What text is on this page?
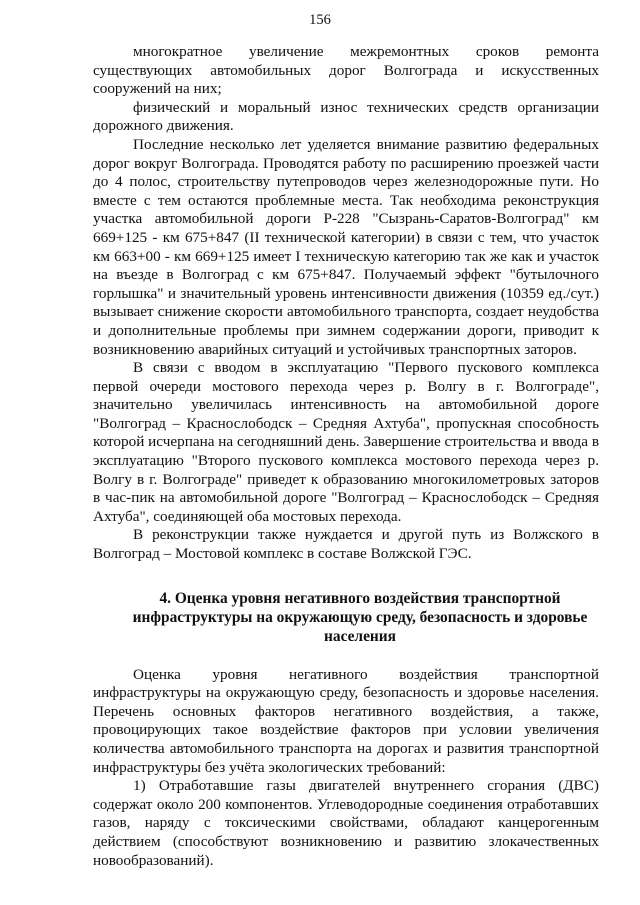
156

многократное увеличение межремонтных сроков ремонта существующих автомобильных дорог Волгограда и искусственных сооружений на них;

физический и моральный износ технических средств организации дорожного движения.

Последние несколько лет уделяется внимание развитию федеральных дорог вокруг Волгограда. Проводятся работу по расширению проезжей части до 4 полос, строительству путепроводов через железнодорожные пути. Но вместе с тем остаются проблемные места. Так необходима реконструкция участка автомобильной дороги Р-228 "Сызрань-Саратов-Волгоград" км 669+125 - км 675+847 (II технической категории) в связи с тем, что участок км 663+00 - км 669+125 имеет I техническую категорию так же как и участок на въезде в Волгоград с км 675+847. Получаемый эффект "бутылочного горлышка" и значительный уровень интенсивности движения (10359 ед./сут.) вызывает снижение скорости автомобильного транспорта, создает неудобства и дополнительные проблемы при зимнем содержании дороги, приводит к возникновению аварийных ситуаций и устойчивых транспортных заторов.

В связи с вводом в эксплуатацию "Первого пускового комплекса первой очереди мостового перехода через р. Волгу в г. Волгограде", значительно увеличилась интенсивность на автомобильной дороге "Волгоград – Краснослободск – Средняя Ахтуба", пропускная способность которой исчерпана на сегодняшний день. Завершение строительства и ввода в эксплуатацию "Второго пускового комплекса мостового перехода через р. Волгу в г. Волгограде" приведет к образованию многокилометровых заторов в час-пик на автомобильной дороге "Волгоград – Краснослободск – Средняя Ахтуба", соединяющей оба мостовых перехода.

В реконструкции также нуждается и другой путь из Волжского в Волгоград – Мостовой комплекс в составе Волжской ГЭС.

4. Оценка уровня негативного воздействия транспортной инфраструктуры на окружающую среду, безопасность и здоровье населения

Оценка уровня негативного воздействия транспортной инфраструктуры на окружающую среду, безопасность и здоровье населения. Перечень основных факторов негативного воздействия, а также, провоцирующих такое воздействие факторов при условии увеличения количества автомобильного транспорта на дорогах и развития транспортной инфраструктуры без учёта экологических требований:

1) Отработавшие газы двигателей внутреннего сгорания (ДВС) содержат около 200 компонентов. Углеводородные соединения отработавших газов, наряду с токсическими свойствами, обладают канцерогенным действием (способствуют возникновению и развитию злокачественных новообразований).
